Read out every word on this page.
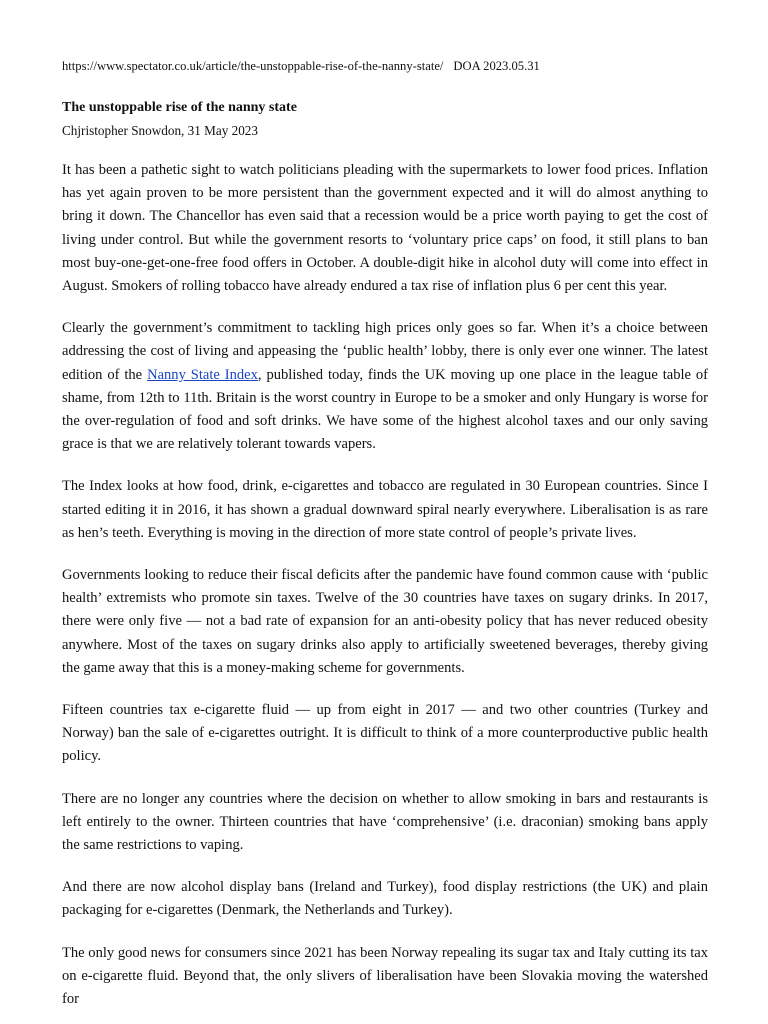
https://www.spectator.co.uk/article/the-unstoppable-rise-of-the-nanny-state/ DOA 2023.05.31
The unstoppable rise of the nanny state
Chjristopher Snowdon, 31 May 2023

It has been a pathetic sight to watch politicians pleading with the supermarkets to lower food prices. Inflation has yet again proven to be more persistent than the government expected and it will do almost anything to bring it down. The Chancellor has even said that a recession would be a price worth paying to get the cost of living under control. But while the government resorts to ‘voluntary price caps’ on food, it still plans to ban most buy-one-get-one-free food offers in October. A double-digit hike in alcohol duty will come into effect in August. Smokers of rolling tobacco have already endured a tax rise of inflation plus 6 per cent this year.

Clearly the government’s commitment to tackling high prices only goes so far. When it’s a choice between addressing the cost of living and appeasing the ‘public health’ lobby, there is only ever one winner. The latest edition of the Nanny State Index, published today, finds the UK moving up one place in the league table of shame, from 12th to 11th. Britain is the worst country in Europe to be a smoker and only Hungary is worse for the over-regulation of food and soft drinks. We have some of the highest alcohol taxes and our only saving grace is that we are relatively tolerant towards vapers.

The Index looks at how food, drink, e-cigarettes and tobacco are regulated in 30 European countries. Since I started editing it in 2016, it has shown a gradual downward spiral nearly everywhere. Liberalisation is as rare as hen’s teeth. Everything is moving in the direction of more state control of people’s private lives.

Governments looking to reduce their fiscal deficits after the pandemic have found common cause with ‘public health’ extremists who promote sin taxes. Twelve of the 30 countries have taxes on sugary drinks. In 2017, there were only five — not a bad rate of expansion for an anti-obesity policy that has never reduced obesity anywhere. Most of the taxes on sugary drinks also apply to artificially sweetened beverages, thereby giving the game away that this is a money-making scheme for governments.

Fifteen countries tax e-cigarette fluid — up from eight in 2017 — and two other countries (Turkey and Norway) ban the sale of e-cigarettes outright. It is difficult to think of a more counterproductive public health policy.

There are no longer any countries where the decision on whether to allow smoking in bars and restaurants is left entirely to the owner. Thirteen countries that have ‘comprehensive’ (i.e. draconian) smoking bans apply the same restrictions to vaping.

And there are now alcohol display bans (Ireland and Turkey), food display restrictions (the UK) and plain packaging for e-cigarettes (Denmark, the Netherlands and Turkey).

The only good news for consumers since 2021 has been Norway repealing its sugar tax and Italy cutting its tax on e-cigarette fluid. Beyond that, the only slivers of liberalisation have been Slovakia moving the watershed for
